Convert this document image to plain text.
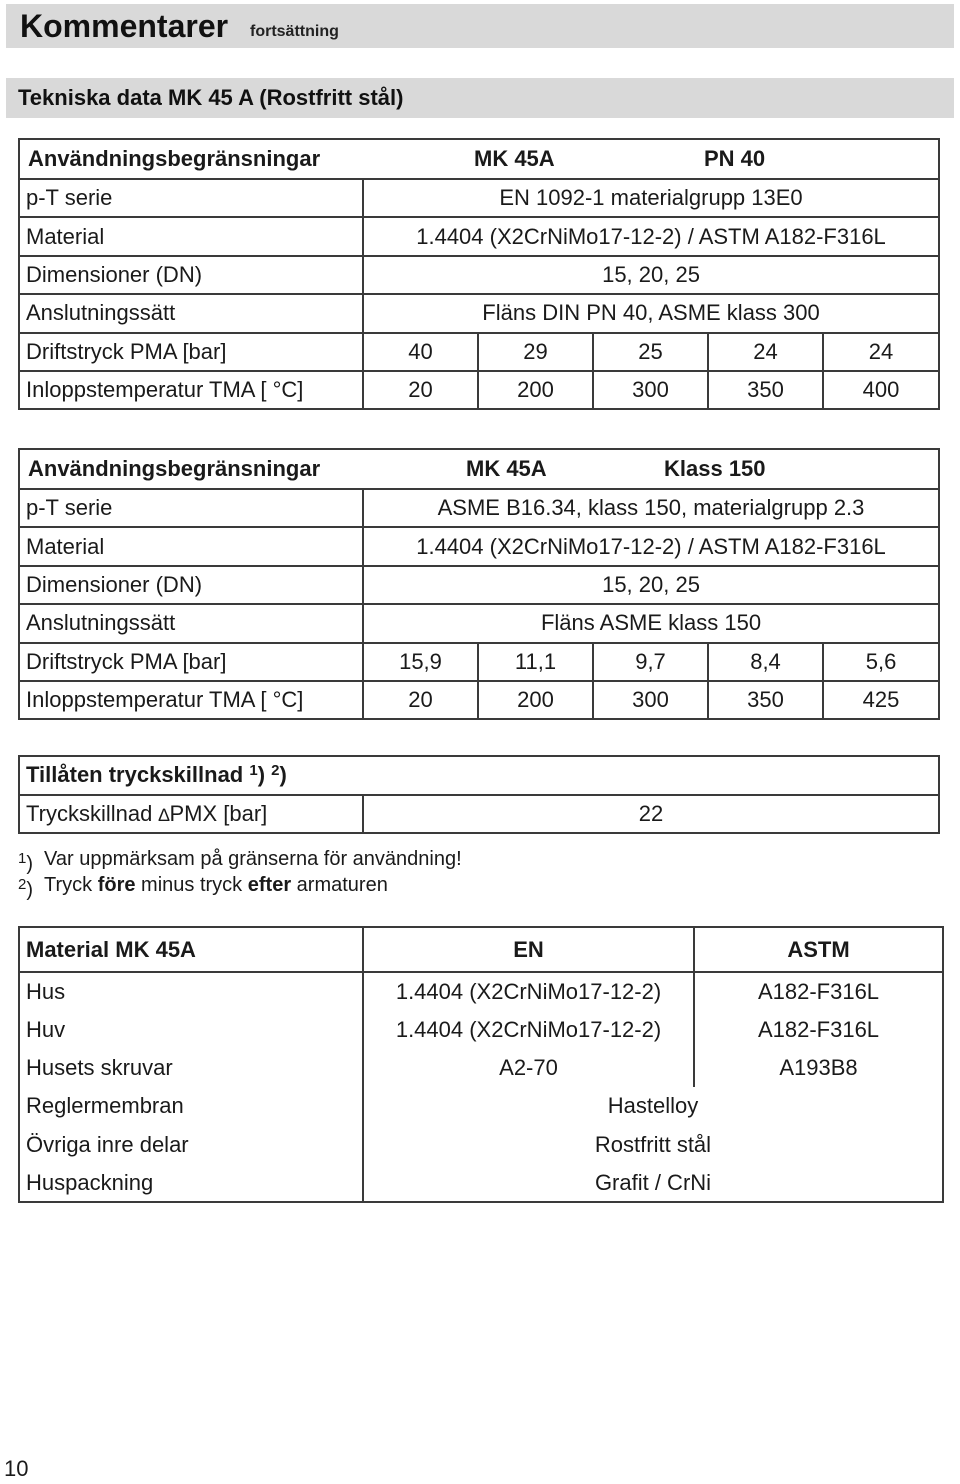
Kommentarer fortsättning
Tekniska data MK 45 A (Rostfritt stål)
Användningsbegränsningar MK 45A PN 40					

p-T serie	EN 1092-1 materialgrupp 13E0				
Material	1.4404 (X2CrNiMo17-12-2) / ASTM A182-F316L				
Dimensioner (DN)	15, 20, 25				
Anslutningssätt	Fläns DIN PN 40, ASME klass 300				
Driftstryck PMA [bar]	40	29	25	24	24
Inloppstemperatur TMA [ °C]	20	200	300	350	400
Användningsbegränsningar MK 45A Klass 150					

p-T serie	ASME B16.34, klass 150, materialgrupp 2.3				
Material	1.4404 (X2CrNiMo17-12-2) / ASTM A182-F316L				
Dimensioner (DN)	15, 20, 25				
Anslutningssätt	Fläns ASME klass 150				
Driftstryck PMA [bar]	15,9	11,1	9,7	8,4	5,6
Inloppstemperatur TMA [ °C]	20	200	300	350	425
Tillåten tryckskillnad $^1$) $^2$)
Tryckskillnad ∆PMX [bar]	22
$^1$) Var uppmärksam på gränserna för användning!
$^2$) Tryck före minus tryck efter armaturen
Material MK 45A	EN	ASTM
Hus	1.4404 (X2CrNiMo17-12-2)	A182-F316L
Huv	1.4404 (X2CrNiMo17-12-2)	A182-F316L
Husets skruvar	A2-70	A193B8
Reglermembran	Hastelloy	
Övriga inre delar	Rostfritt stål	
Huspackning	Grafit / CrNi	
10
